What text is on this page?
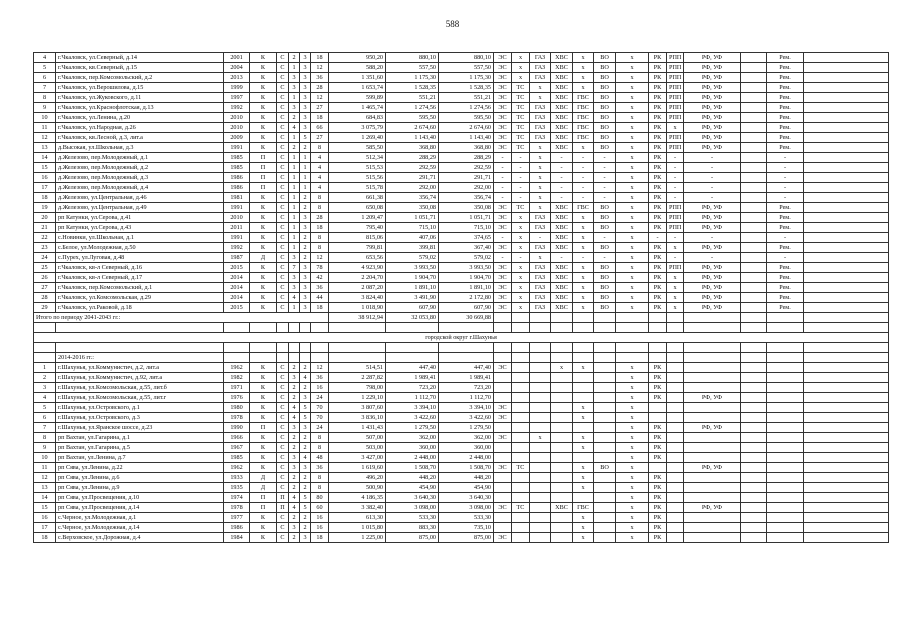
588
4	г.Чкаловск, ул.Северный, д.14	2001	К	С	2	3	18	950,20	880,10	880,10	ЭС	х	ГАЗ	ХВС	х	ВО	х	РК	РПП	РФ, УФ		Рем.	
5	г.Чкаловск, кв.Северный, д.15	2004	К	С	1	3	12	588,20	557,50	557,50	ЭС	х	ГАЗ	ХВС	х	ВО	х	РК	РПП	РФ, УФ		Рем.	
6	г.Чкаловск, пер.Комсомольский, д.2	2013	К	С	3	3	36	1 351,60	1 175,30	1 175,30	ЭС	х	ГАЗ	ХВС	х	ВО	х	РК	РПП	РФ, УФ		Рем.	
7	г.Чкаловск, ул.Верошилова, д.15	1999	К	С	3	3	28	1 653,74	1 528,35	1 528,35	ЭС	ТС	х	ХВС	х	ВО	х	РК	РПП	РФ, УФ		Рем.	
8	г.Чкаловск, ул.Жуковского, д.11	1997	К	С	1	3	12	599,89	551,21	551,21	ЭС	ТС	х	ХВС	ГВС	ВО	х	РК	РПП	РФ, УФ		Рем.	
9	г.Чкаловск, ул.Краснофлотская, д.13	1992	К	С	3	3	27	1 465,74	1 274,56	1 274,56	ЭС	ТС	ГАЗ	ХВС	ГВС	ВО	х	РК	РПП	РФ, УФ		Рем.	
10	г.Чкаловск, ул.Ленина, д.20	2010	К	С	2	3	18	684,83	595,50	595,50	ЭС	ТС	ГАЗ	ХВС	ГВС	ВО	х	РК	РПП	РФ, УФ		Рем.	
11	г.Чкаловск, ул.Народная, д.26	2010	К	С	4	3	66	3 075,79	2 674,60	2 674,60	ЭС	ТС	ГАЗ	ХВС	ГВС	ВО	х	РК	х	РФ, УФ		Рем.	
12	г.Чкаловск, кв.Лесной, д.3, лит.а	2009	К	С	1	5	27	1 269,40	1 143,40	1 143,40	ЭС	ТС	ГАЗ	ХВС	ГВС	ВО	х	РК	РПП	РФ, УФ		Рем.	
13	д.Высокая, ул.Школьная, д.3	1991	К	С	2	2	8	585,50	368,80	368,80	ЭС	ТС	х	ХВС	х	ВО	х	РК	РПП	РФ, УФ		Рем.	
14	д.Железово, пер.Молодежный, д.1	1985	П	С	1	1	4	512,34	288,29	288,29	-	-	х	-	-	-	х	РК	-	-		-	
15	д.Железово, пер.Молодежный, д.2	1985	П	С	1	1	4	515,53	292,59	292,59	-	-	х	-	-	-	х	РК	-	-		-	
16	д.Железово, пер.Молодежный, д.3	1986	П	С	1	1	4	515,56	291,71	291,71	-	-	х	-	-	-	х	РК	-	-		-	
17	д.Железово, пер.Молодежный, д.4	1986	П	С	1	1	4	515,78	292,00	292,00	-	-	х	-	-	-	х	РК	-	-		-	
18	д.Железово, ул.Центральная, д.46	1981	К	С	1	2	8	661,38	356,74	356,74	-	-	х	-	-	-	х	РК	-	-		-	
19	д.Железово, ул.Центральная, д.49	1991	К	С	1	2	8	650,08	350,08	350,08	ЭС	ТС	х	ХВС	ГВС	ВО	х	РК	РПП	РФ, УФ		Рем.	
20	рп Катунки, ул.Серова, д.41	2010	К	С	1	3	28	1 209,47	1 051,71	1 051,71	ЭС	х	ГАЗ	ХВС	х	ВО	х	РК	РПП	РФ, УФ		Рем.	
21	рп Катунки, ул.Серова, д.43	2011	К	С	1	3	18	795,40	715,10	715,10	ЭС	х	ГАЗ	ХВС	х	ВО	х	РК	РПП	РФ, УФ		Рем.	
22	с.Новинки, ул.Школьная, д.1	1991	К	С	1	2	8	815,06	407,06	374,65	-	х	-	ХВС	х	-	х	-	-	-		-	
23	с.Белое, ул.Молодежная, д.50	1992	К	С	1	2	8	799,81	399,81	367,40	ЭС	х	ГАЗ	ХВС	х	ВО	х	РК	х	РФ, УФ		Рем.	
24	с.Пурех, ул.Луговая, д.48	1987	Д	С	3	2	12	653,56	579,02	579,02	-	-	х	-	-	-	х	РК	-	-		-	
25	г.Чкаловск, кв-л Северный, д.16	2015	К	С	7	3	78	4 923,90	3 993,50	3 993,50	ЭС	х	ГАЗ	ХВС	х	ВО	х	РК	РПП	РФ, УФ		Рем.	
26	г.Чкаловск, кв-л Северный, д.17	2014	К	С	3	3	42	2 204,70	1 904,70	1 904,70	ЭС	х	ГАЗ	ХВС	х	ВО	х	РК	х	РФ, УФ		Рем.	
27	г.Чкаловск, пер.Комсомольский, д.1	2014	К	С	3	3	36	2 087,20	1 891,10	1 891,10	ЭС	х	ГАЗ	ХВС	х	ВО	х	РК	х	РФ, УФ		Рем.	
28	г.Чкаловск, ул.Комсомольская, д.29	2014	К	С	4	3	44	3 824,40	3 491,90	2 172,80	ЭС	х	ГАЗ	ХВС	х	ВО	х	РК	х	РФ, УФ		Рем.	
29	г.Чкаловск, ул.Раковой, д.18	2015	К	С	1	3	18	1 018,90	607,90	607,90	ЭС	х	ГАЗ	ХВС	х	ВО	х	РК	х	РФ, УФ		Рем.	
Итого по периоду 2041-2043 гг.:								38 912,94	32 053,80	30 669,88													

городской округ г.Шахунья																							

	2014-2016 гг.:																						
1	г.Шахунья, ул.Коммунистич, д.2, лит.а	1962	К	С	2	2	12	514,51	447,40	447,40	ЭС			х	х		х	РК					
2	г.Шахунья, ул.Коммунистич, д.92, лит.а	1982	К	С	3	4	36	2 287,82	1 989,41	1 989,41							х	РК					
3	г.Шахунья, ул.Комсомольская, д.55, лит.б	1971	К	С	2	2	16	798,00	723,20	723,20							х	РК					
4	г.Шахунья, ул.Комсомольская, д.55, лит.г	1976	К	С	2	3	24	1 229,10	1 112,70	1 112,70							х	РК		РФ, УФ			
5	г.Шахунья, ул.Островского, д.1	1980	К	С	4	5	70	3 807,60	3 394,10	3 394,10	ЭС				х		х						
6	г.Шахунья, ул.Островского, д.3	1978	К	С	4	5	70	3 836,10	3 422,60	3 422,60	ЭС				х		х						
7	г.Шахунья, ул.Яранское шоссе, д.23	1990	П	С	3	3	24	1 431,43	1 279,50	1 279,50							х	РК		РФ, УФ			
8	рп Вахтан, ул.Гагарина, д.1	1966	К	С	2	2	8	507,00	362,00	362,00	ЭС		х		х		х	РК					
9	рп Вахтан, ул.Гагарина, д.5	1967	К	С	2	2	8	503,00	360,00	360,00					х		х	РК					
10	рп Вахтан, ул.Ленина, д.7	1985	К	С	3	4	48	3 427,00	2 448,00	2 448,00							х	РК					
11	рп Сява, ул.Ленина, д.22	1962	К	С	3	3	36	1 619,60	1 508,70	1 508,70	ЭС	ТС			х	ВО	х			РФ, УФ			
12	рп Сява, ул.Ленина, д.6	1933	Д	С	2	2	8	496,20	448,20	448,20					х		х	РК					
13	рп Сява, ул.Ленина, д.9	1935	Д	С	2	2	8	500,90	454,90	454,90					х		х	РК					
14	рп Сява, ул.Просвещения, д.10	1974	П	П	4	5	80	4 186,35	3 640,30	3 640,30							х	РК					
15	рп Сява, ул.Просвещения, д.14	1978	П	П	4	5	60	3 382,40	3 098,00	3 098,00	ЭС	ТС		ХВС	ГВС		х	РК		РФ, УФ			
16	с.Черное, ул.Молодежная, д.1	1977	К	С	2	2	16	613,30	533,30	533,30					х		х	РК					
17	с.Черное, ул.Молодежная, д.14	1986	К	С	3	2	16	1 015,80	883,30	735,10					х		х	РК					
18	с.Верховское, ул.Дорожная, д.4	1984	К	С	2	3	18	1 225,00	875,00	875,00	ЭС				х		х	РК					
